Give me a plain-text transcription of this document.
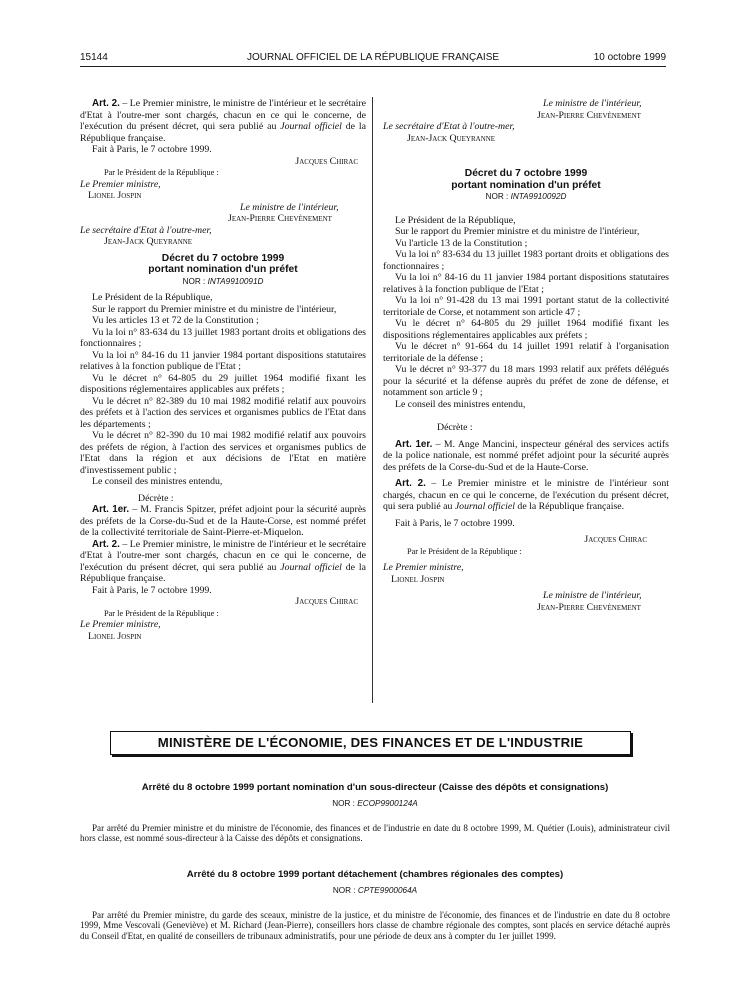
15144	JOURNAL OFFICIEL DE LA RÉPUBLIQUE FRANÇAISE	10 octobre 1999

Art. 2. – Le Premier ministre, le ministre de l'intérieur et le secrétaire d'Etat à l'outre-mer sont chargés, chacun en ce qui le concerne, de l'exécution du présent décret, qui sera publié au Journal officiel de la République française.

Fait à Paris, le 7 octobre 1999.

Jacques Chirac

Par le Président de la République :

Le Premier ministre,

Lionel Jospin

Le ministre de l'intérieur,

Jean-Pierre Chevènement

Le secrétaire d'Etat à l'outre-mer,

Jean-Jack Queyranne

Décret du 7 octobre 1999
portant nomination d'un préfet

NOR : INTA9910091D

Le Président de la République,

Sur le rapport du Premier ministre et du ministre de l'intérieur,

Vu les articles 13 et 72 de la Constitution ;

Vu la loi n° 83-634 du 13 juillet 1983 portant droits et obligations des fonctionnaires ;

Vu la loi n° 84-16 du 11 janvier 1984 portant dispositions statutaires relatives à la fonction publique de l'Etat ;

Vu le décret n° 64-805 du 29 juillet 1964 modifié fixant les dispositions réglementaires applicables aux préfets ;

Vu le décret n° 82-389 du 10 mai 1982 modifié relatif aux pouvoirs des préfets et à l'action des services et organismes publics de l'Etat dans les départements ;

Vu le décret n° 82-390 du 10 mai 1982 modifié relatif aux pouvoirs des préfets de région, à l'action des services et organismes publics de l'Etat dans la région et aux décisions de l'Etat en matière d'investissement public ;

Le conseil des ministres entendu,

Décrète :

Art. 1er. – M. Francis Spitzer, préfet adjoint pour la sécurité auprès des préfets de la Corse-du-Sud et de la Haute-Corse, est nommé préfet de la collectivité territoriale de Saint-Pierre-et-Miquelon.

Art. 2. – Le Premier ministre, le ministre de l'intérieur et le secrétaire d'Etat à l'outre-mer sont chargés, chacun en ce qui le concerne, de l'exécution du présent décret, qui sera publié au Journal officiel de la République française.

Fait à Paris, le 7 octobre 1999.

Jacques Chirac

Par le Président de la République :

Le Premier ministre,

Lionel Jospin

Le ministre de l'intérieur,

Jean-Pierre Chevènement

Le secrétaire d'Etat à l'outre-mer,

Jean-Jack Queyranne

Décret du 7 octobre 1999
portant nomination d'un préfet

NOR : INTA9910092D

Le Président de la République,

Sur le rapport du Premier ministre et du ministre de l'intérieur,

Vu l'article 13 de la Constitution ;

Vu la loi n° 83-634 du 13 juillet 1983 portant droits et obligations des fonctionnaires ;

Vu la loi n° 84-16 du 11 janvier 1984 portant dispositions statutaires relatives à la fonction publique de l'Etat ;

Vu la loi n° 91-428 du 13 mai 1991 portant statut de la collectivité territoriale de Corse, et notamment son article 47 ;

Vu le décret n° 64-805 du 29 juillet 1964 modifié fixant les dispositions réglementaires applicables aux préfets ;

Vu le décret n° 91-664 du 14 juillet 1991 relatif à l'organisation territoriale de la défense ;

Vu le décret n° 93-377 du 18 mars 1993 relatif aux préfets délégués pour la sécurité et la défense auprès du préfet de zone de défense, et notamment son article 9 ;

Le conseil des ministres entendu,

Décrète :

Art. 1er. – M. Ange Mancini, inspecteur général des services actifs de la police nationale, est nommé préfet adjoint pour la sécurité auprès des préfets de la Corse-du-Sud et de la Haute-Corse.

Art. 2. – Le Premier ministre et le ministre de l'intérieur sont chargés, chacun en ce qui le concerne, de l'exécution du présent décret, qui sera publié au Journal officiel de la République française.

Fait à Paris, le 7 octobre 1999.

Jacques Chirac

Par le Président de la République :

Le Premier ministre,

Lionel Jospin

Le ministre de l'intérieur,

Jean-Pierre Chevènement

MINISTÈRE DE L'ÉCONOMIE, DES FINANCES ET DE L'INDUSTRIE

Arrêté du 8 octobre 1999 portant nomination d'un sous-directeur (Caisse des dépôts et consignations)

NOR : ECOP9900124A

Par arrêté du Premier ministre et du ministre de l'économie, des finances et de l'industrie en date du 8 octobre 1999, M. Quétier (Louis), administrateur civil hors classe, est nommé sous-directeur à la Caisse des dépôts et consignations.

Arrêté du 8 octobre 1999 portant détachement (chambres régionales des comptes)

NOR : CPTE9900064A

Par arrêté du Premier ministre, du garde des sceaux, ministre de la justice, et du ministre de l'économie, des finances et de l'industrie en date du 8 octobre 1999, Mme Vescovali (Geneviève) et M. Richard (Jean-Pierre), conseillers hors classe de chambre régionale des comptes, sont placés en service détaché auprès du Conseil d'Etat, en qualité de conseillers de tribunaux administratifs, pour une période de deux ans à compter du 1er juillet 1999.
